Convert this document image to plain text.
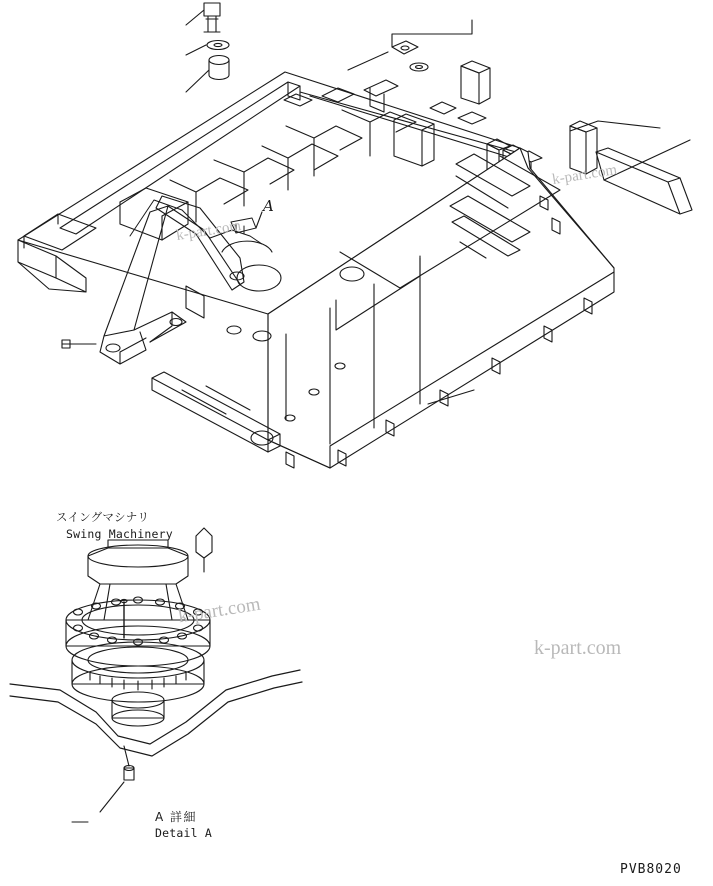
スイングマシナリ
Swing Machinery
A
A 詳細
Detail A
PVB8020
k-part.com
k-part.com
k-part.com
k-part.com
